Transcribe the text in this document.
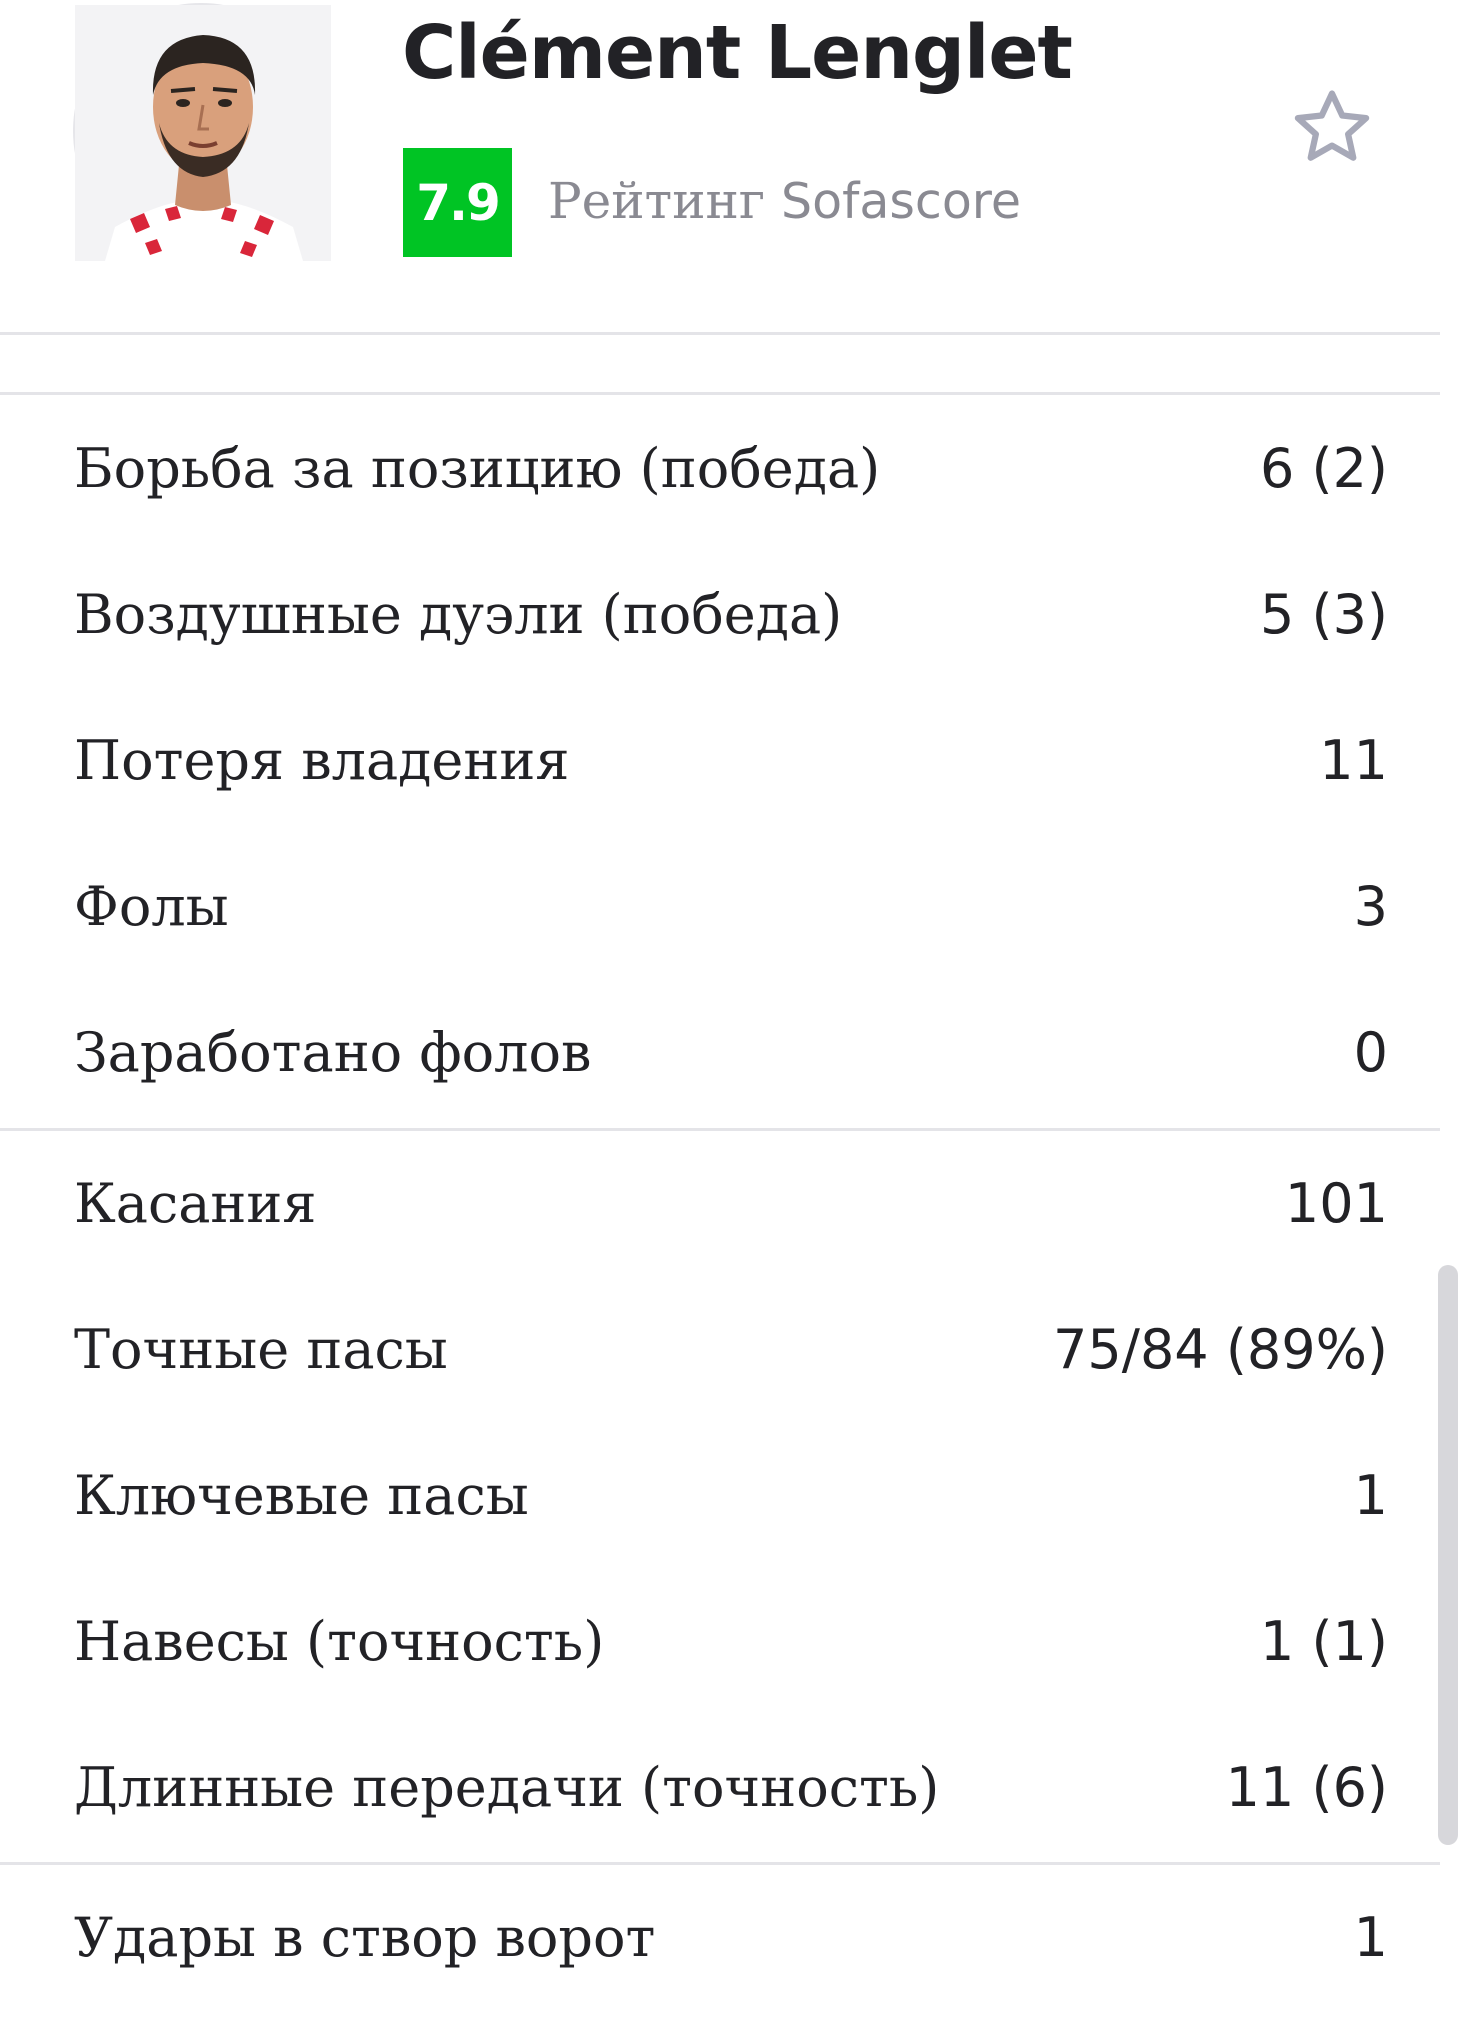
Clément Lenglet
7.9 Рейтинг Sofascore
Борьба за позицию (победа)	6 (2)
Воздушные дуэли (победа)	5 (3)
Потеря владения	11
Фолы	3
Заработано фолов	0
Касания	101
Точные пасы	75/84 (89%)
Ключевые пасы	1
Навесы (точность)	1 (1)
Длинные передачи (точность)	11 (6)
Удары в створ ворот	1
